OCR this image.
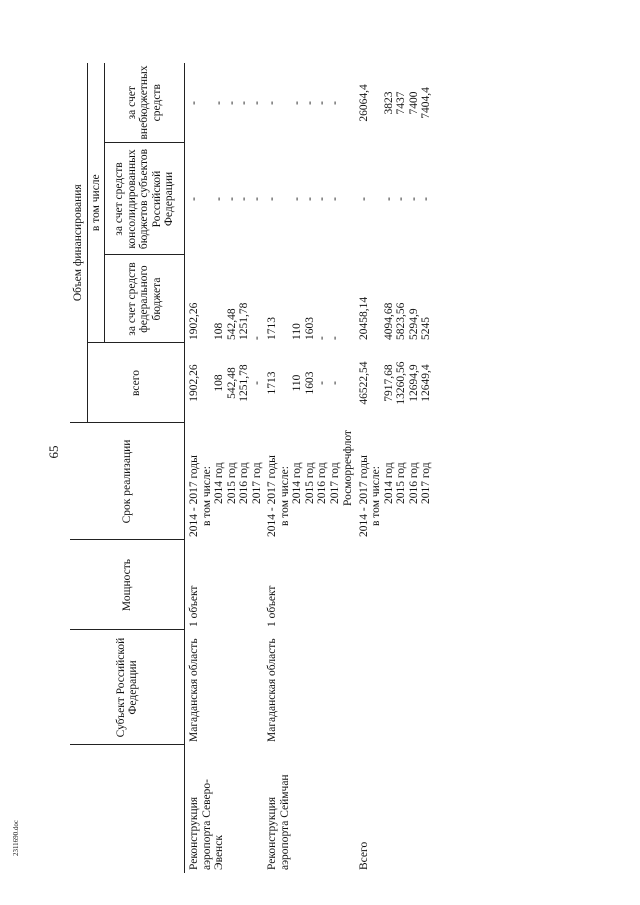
65
2311690.doc
	Субъект Российской Федерации	Мощность	Срок реализации	Объем финансирования			
				всего	в том числе		
					за счет средств федерального бюджета	за счет средств консолидированных бюджетов субъектов Российской Федерации	за счет внебюджетных средств
Реконструкция аэропорта Северо-Эвенск	Магаданская область	1 объект	2014 - 2017 годы	1902,26	1902,26	-	-
			в том числе:				
			2014 год	108	108	-	-
			2015 год	542,48	542,48	-	-
			2016 год	1251,78	1251,78	-	-
			2017 год	-	-	-	-
Реконструкция аэропорта Сеймчан	Магаданская область	1 объект	2014 - 2017 годы	1713	1713	-	-
			в том числе:				
			2014 год	110	110	-	-
			2015 год	1603	1603	-	-
			2016 год	-	-	-	-
			2017 год	-	-	-	-
Росморречфлот							
Всего			2014 - 2017 годы	46522,54	20458,14	-	26064,4
			в том числе:				
			2014 год	7917,68	4094,68	-	3823
			2015 год	13260,56	5823,56	-	7437
			2016 год	12694,9	5294,9	-	7400
			2017 год	12649,4	5245	-	7404,4
